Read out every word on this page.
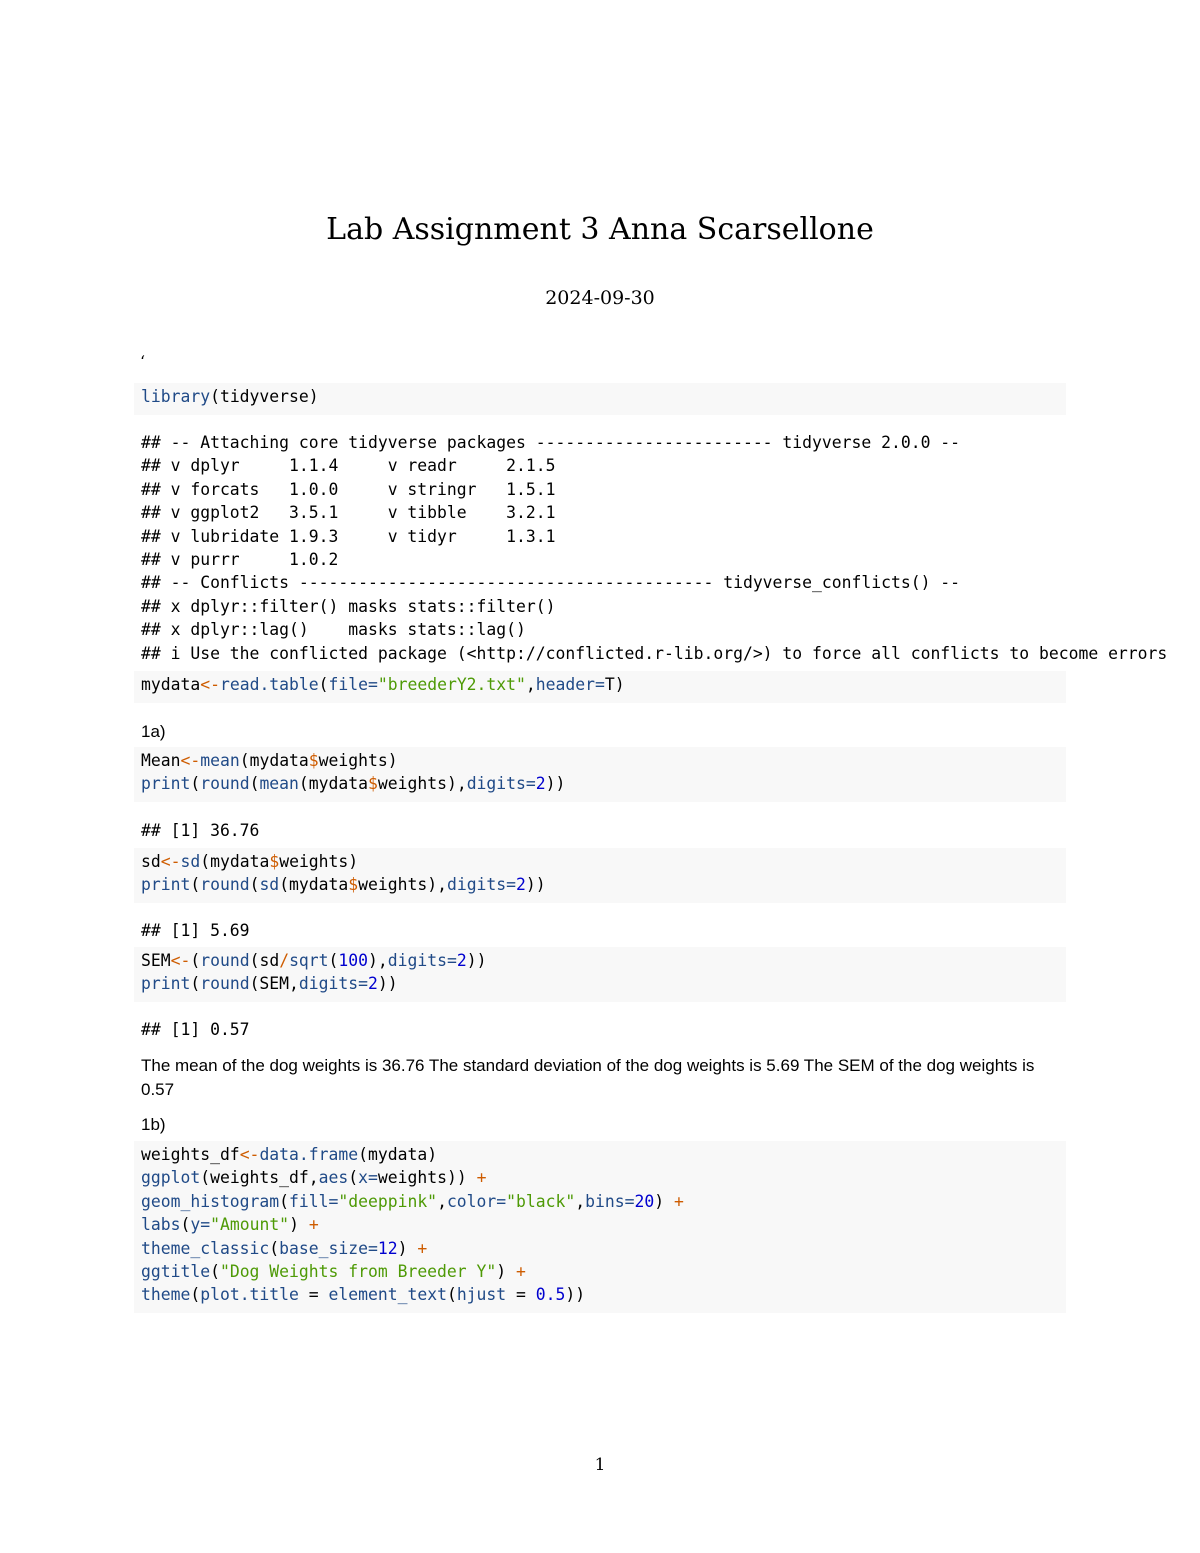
Lab Assignment 3 Anna Scarsellone
2024-09-30
‘
library(tidyverse)
## -- Attaching core tidyverse packages ------------------------ tidyverse 2.0.0 --
## v dplyr     1.1.4     v readr     2.1.5
## v forcats   1.0.0     v stringr   1.5.1
## v ggplot2   3.5.1     v tibble    3.2.1
## v lubridate 1.9.3     v tidyr     1.3.1
## v purrr     1.0.2
## -- Conflicts ------------------------------------------ tidyverse_conflicts() --
## x dplyr::filter() masks stats::filter()
## x dplyr::lag()    masks stats::lag()
## i Use the conflicted package (<http://conflicted.r-lib.org/>) to force all conflicts to become errors
mydata<-read.table(file="breederY2.txt",header=T)
1a)
Mean<-mean(mydata$weights)
print(round(mean(mydata$weights),digits=2))
## [1] 36.76
sd<-sd(mydata$weights)
print(round(sd(mydata$weights),digits=2))
## [1] 5.69
SEM<-(round(sd/sqrt(100),digits=2))
print(round(SEM,digits=2))
## [1] 0.57
The mean of the dog weights is 36.76 The standard deviation of the dog weights is 5.69 The SEM of the dog weights is 0.57
1b)
weights_df<-data.frame(mydata)
ggplot(weights_df,aes(x=weights)) +
geom_histogram(fill="deeppink",color="black",bins=20) +
labs(y="Amount") +
theme_classic(base_size=12) +
ggtitle("Dog Weights from Breeder Y") +
theme(plot.title = element_text(hjust = 0.5))
1
